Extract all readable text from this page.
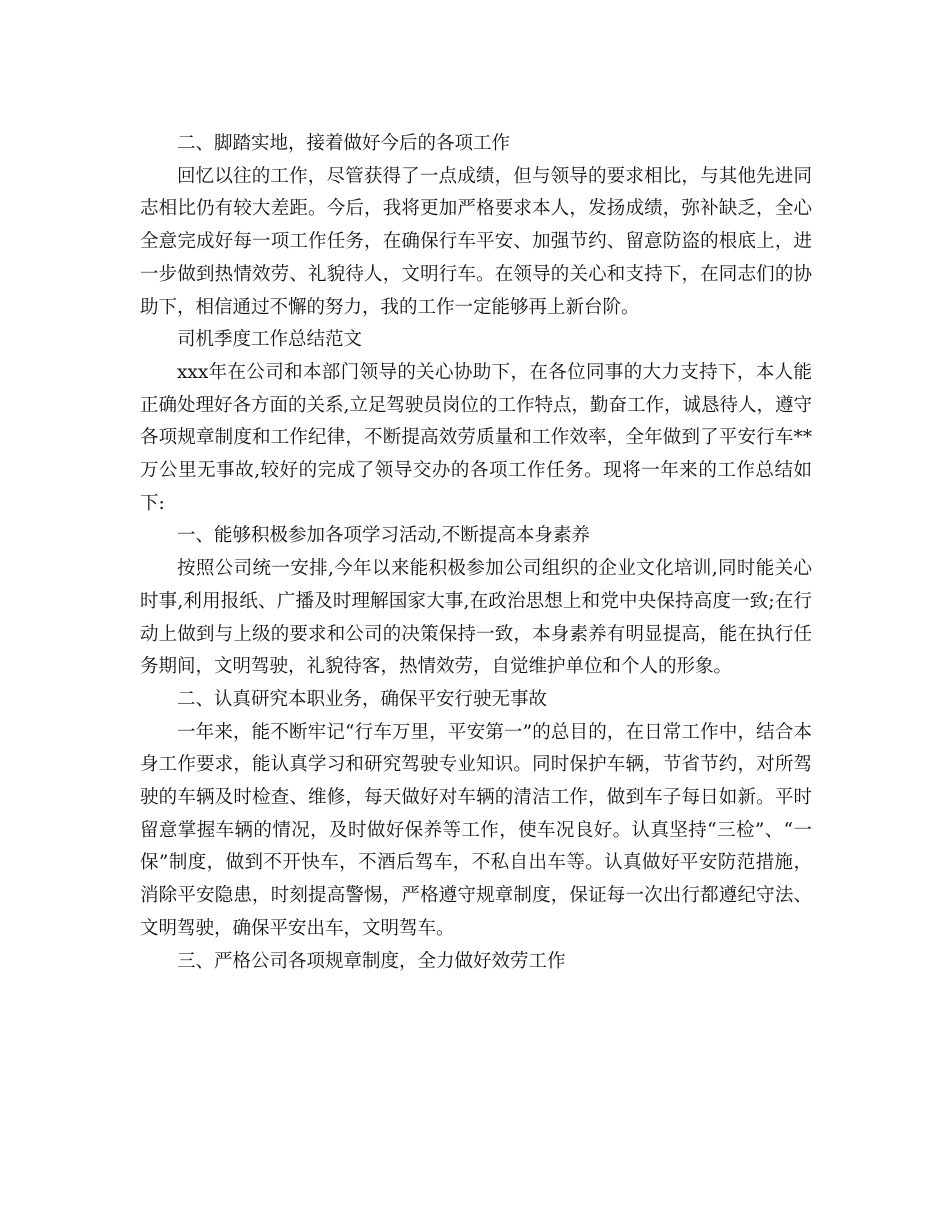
二、脚踏实地，接着做好今后的各项工作

回忆以往的工作，尽管获得了一点成绩，但与领导的要求相比，与其他先进同志相比仍有较大差距。今后，我将更加严格要求本人，发扬成绩，弥补缺乏，全心全意完成好每一项工作任务，在确保行车平安、加强节约、留意防盗的根底上，进一步做到热情效劳、礼貌待人，文明行车。在领导的关心和支持下，在同志们的协助下，相信通过不懈的努力，我的工作一定能够再上新台阶。

司机季度工作总结范文

xxx年在公司和本部门领导的关心协助下，在各位同事的大力支持下，本人能正确处理好各方面的关系,立足驾驶员岗位的工作特点，勤奋工作，诚恳待人，遵守各项规章制度和工作纪律，不断提高效劳质量和工作效率，全年做到了平安行车**万公里无事故,较好的完成了领导交办的各项工作任务。现将一年来的工作总结如下:

一、能够积极参加各项学习活动,不断提高本身素养

按照公司统一安排,今年以来能积极参加公司组织的企业文化培训,同时能关心时事,利用报纸、广播及时理解国家大事,在政治思想上和党中央保持高度一致;在行动上做到与上级的要求和公司的决策保持一致，本身素养有明显提高，能在执行任务期间，文明驾驶，礼貌待客，热情效劳，自觉维护单位和个人的形象。

二、认真研究本职业务，确保平安行驶无事故

一年来，能不断牢记“行车万里，平安第一”的总目的，在日常工作中，结合本身工作要求，能认真学习和研究驾驶专业知识。同时保护车辆，节省节约，对所驾驶的车辆及时检查、维修，每天做好对车辆的清洁工作，做到车子每日如新。平时留意掌握车辆的情况，及时做好保养等工作，使车况良好。认真坚持“三检”、“一保”制度，做到不开快车，不酒后驾车，不私自出车等。认真做好平安防范措施，消除平安隐患，时刻提高警惕，严格遵守规章制度，保证每一次出行都遵纪守法、文明驾驶，确保平安出车，文明驾车。

三、严格公司各项规章制度，全力做好效劳工作
